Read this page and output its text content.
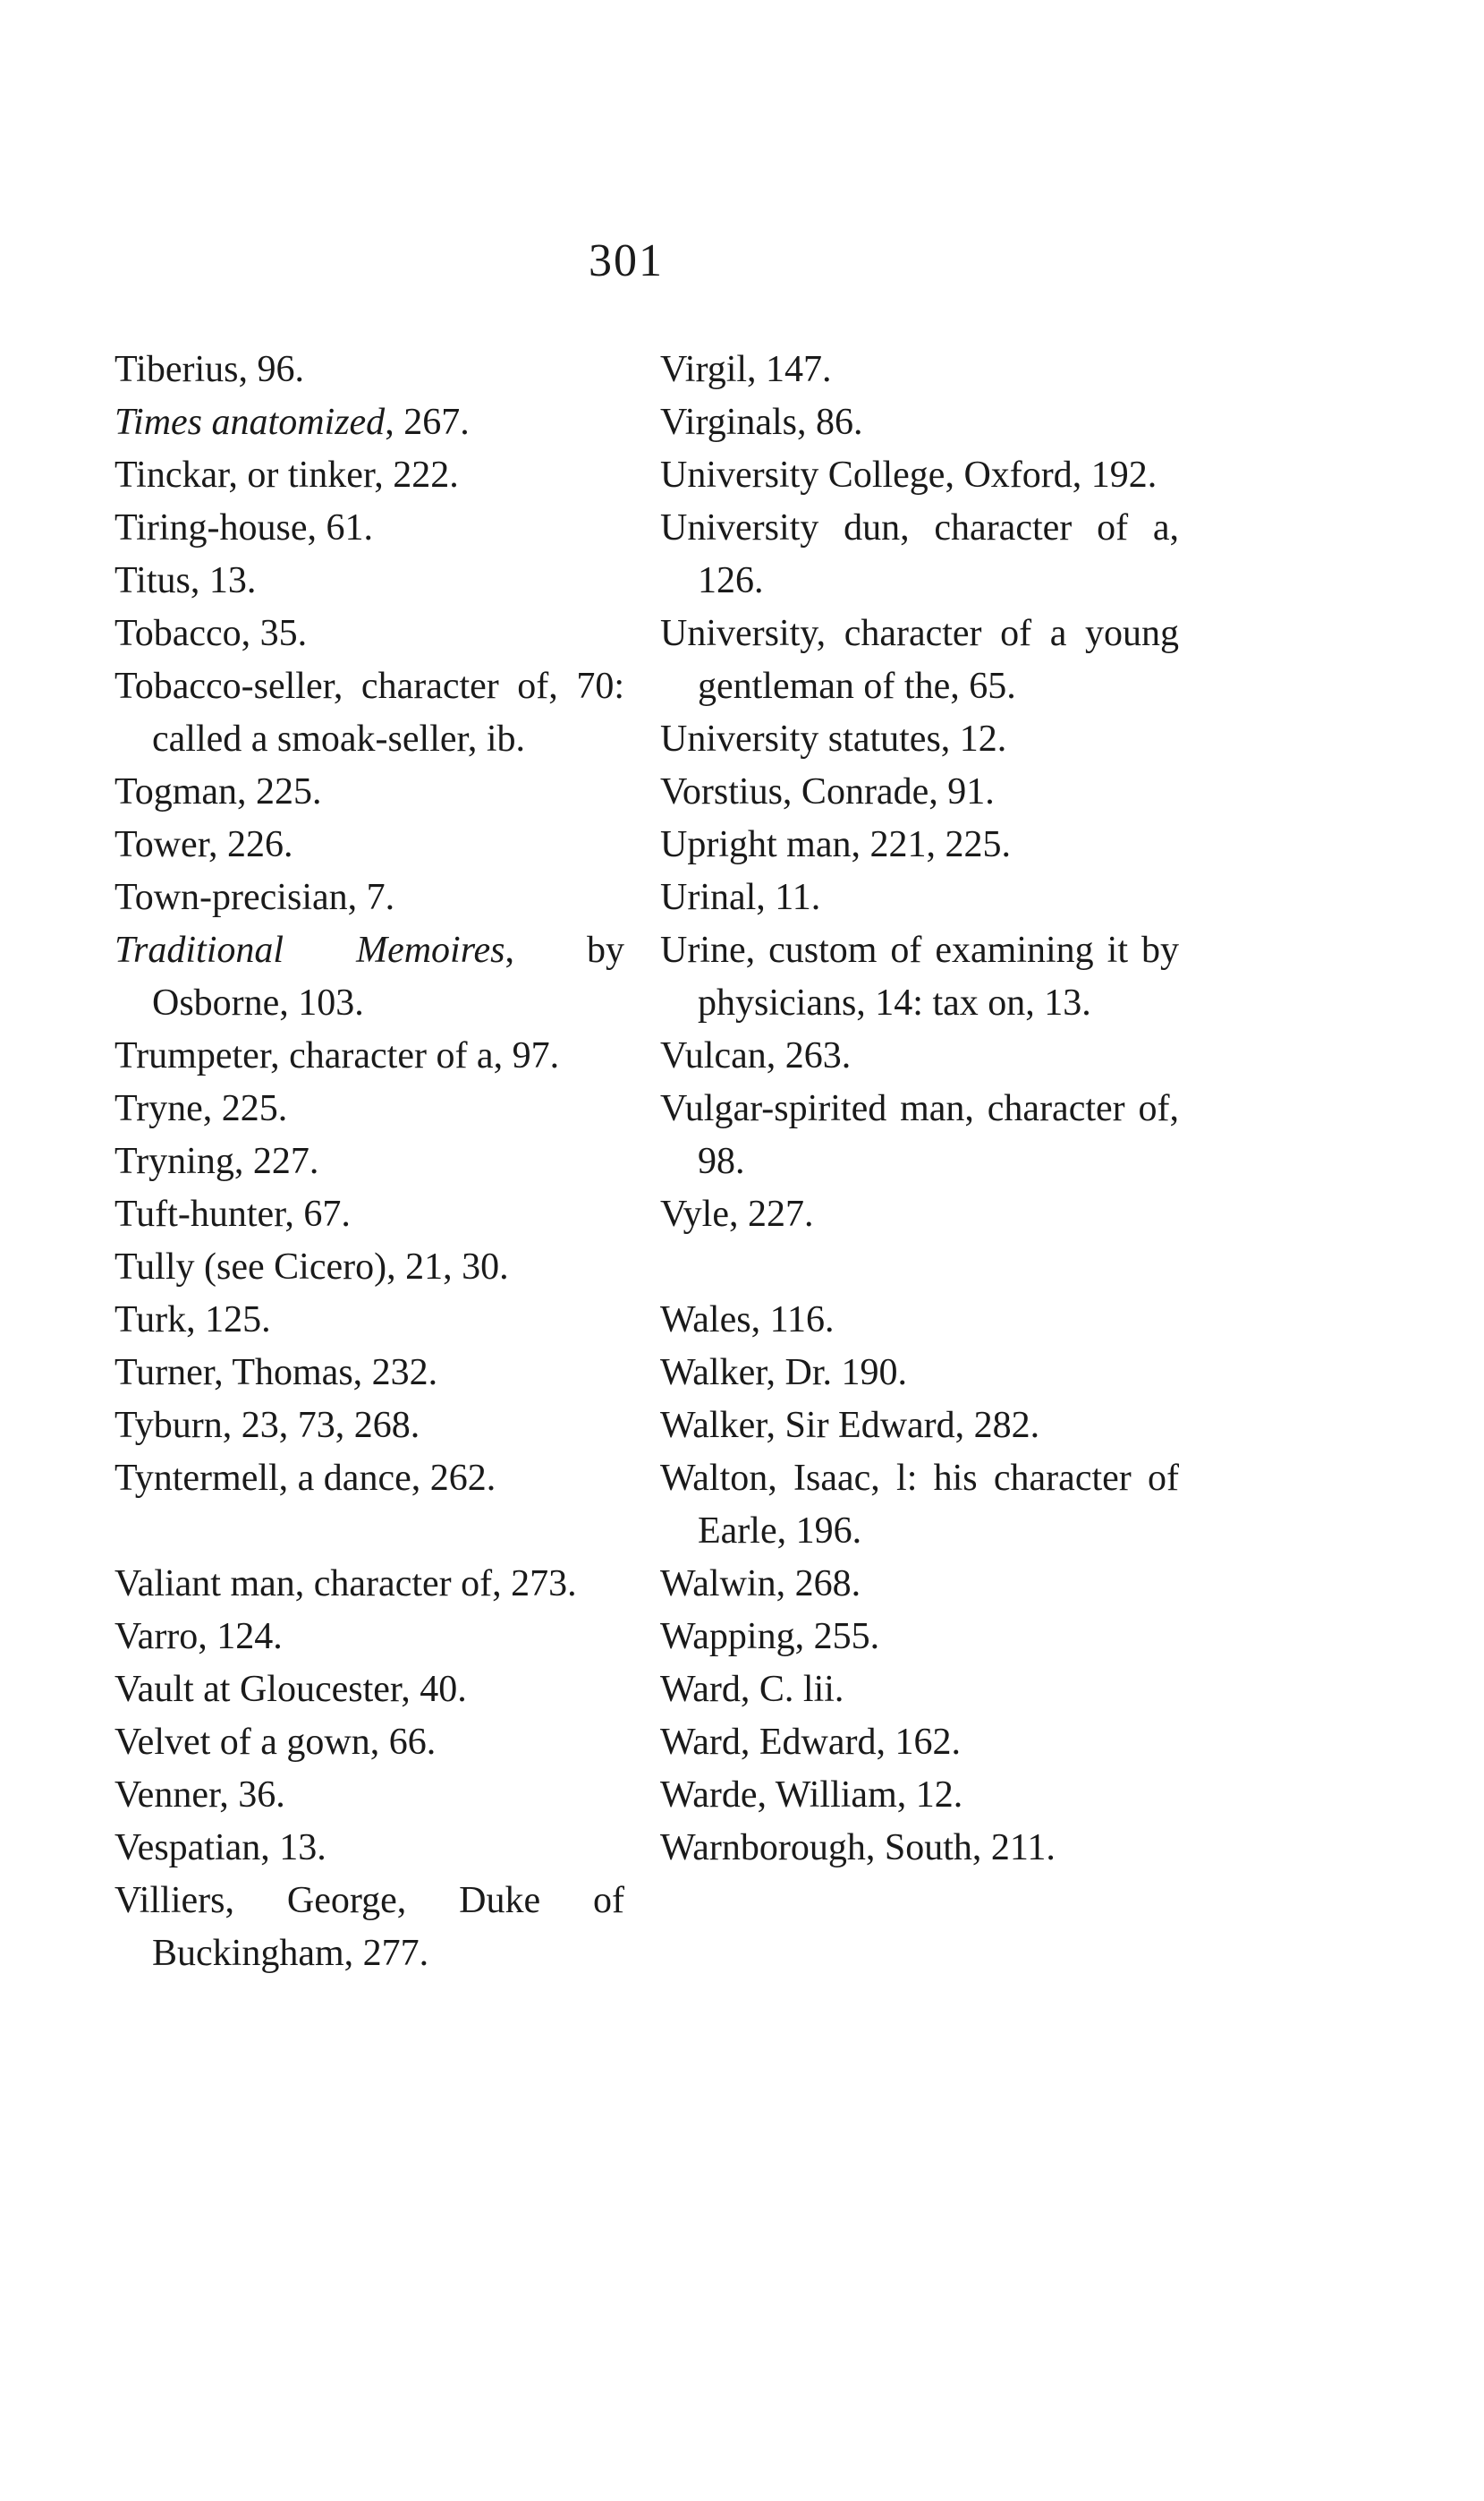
301
Tiberius, 96.
Times anatomized, 267.
Tinckar, or tinker, 222.
Tiring-house, 61.
Titus, 13.
Tobacco, 35.
Tobacco-seller, character of, 70: called a smoak-seller, ib.
Togman, 225.
Tower, 226.
Town-precisian, 7.
Traditional Memoires, by Osborne, 103.
Trumpeter, character of a, 97.
Tryne, 225.
Tryning, 227.
Tuft-hunter, 67.
Tully (see Cicero), 21, 30.
Turk, 125.
Turner, Thomas, 232.
Tyburn, 23, 73, 268.
Tyntermell, a dance, 262.
Valiant man, character of, 273.
Varro, 124.
Vault at Gloucester, 40.
Velvet of a gown, 66.
Venner, 36.
Vespatian, 13.
Villiers, George, Duke of Buckingham, 277.
Virgil, 147.
Virginals, 86.
University College, Oxford, 192.
University dun, character of a, 126.
University, character of a young gentleman of the, 65.
University statutes, 12.
Vorstius, Conrade, 91.
Upright man, 221, 225.
Urinal, 11.
Urine, custom of examining it by physicians, 14: tax on, 13.
Vulcan, 263.
Vulgar-spirited man, character of, 98.
Vyle, 227.
Wales, 116.
Walker, Dr. 190.
Walker, Sir Edward, 282.
Walton, Isaac, l: his character of Earle, 196.
Walwin, 268.
Wapping, 255.
Ward, C. lii.
Ward, Edward, 162.
Warde, William, 12.
Warnborough, South, 211.
